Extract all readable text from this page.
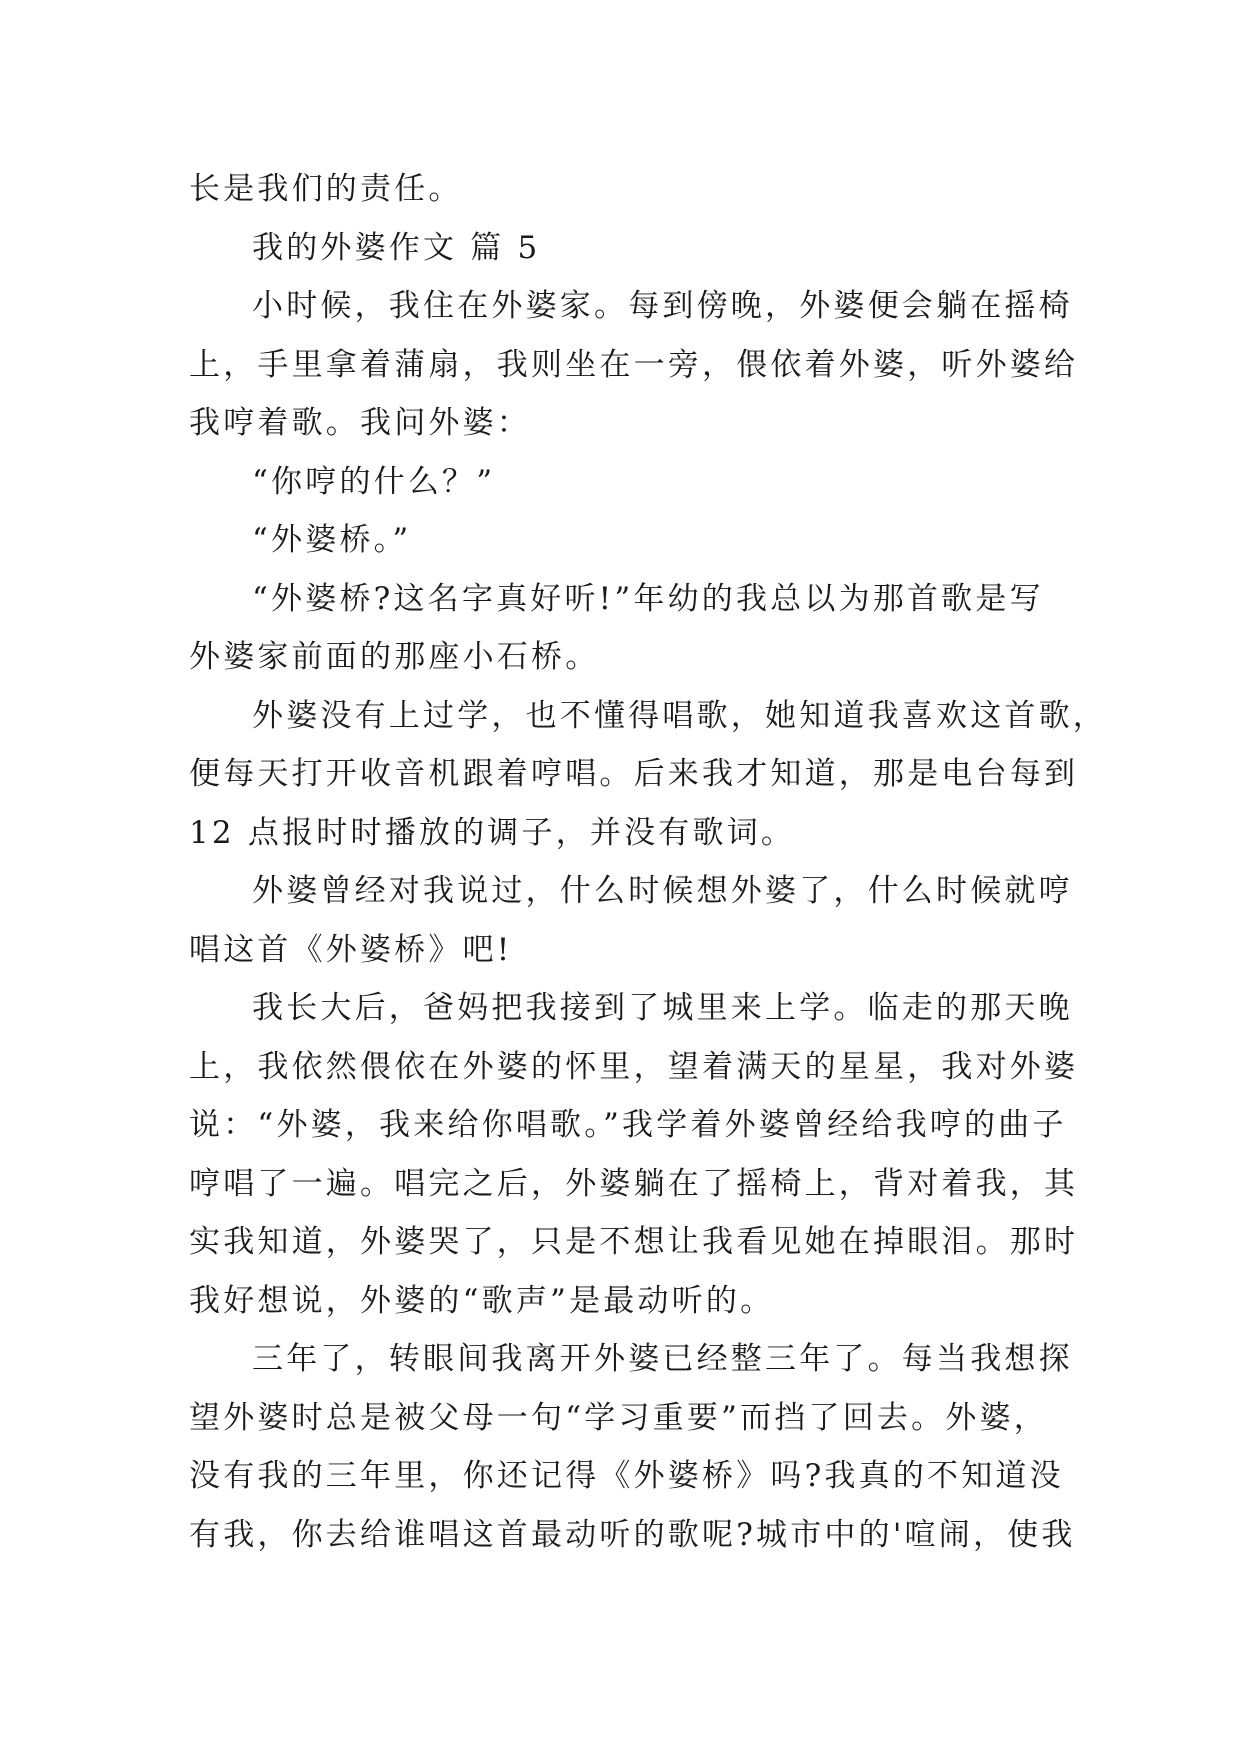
长是我们的责任。

我的外婆作文 篇 5

小时候，我住在外婆家。每到傍晚，外婆便会躺在摇椅

上，手里拿着蒲扇，我则坐在一旁，偎依着外婆，听外婆给

我哼着歌。我问外婆：

“你哼的什么？”

“外婆桥。”

“外婆桥?这名字真好听!”年幼的我总以为那首歌是写

外婆家前面的那座小石桥。

外婆没有上过学，也不懂得唱歌，她知道我喜欢这首歌，

便每天打开收音机跟着哼唱。后来我才知道，那是电台每到

12 点报时时播放的调子，并没有歌词。

外婆曾经对我说过，什么时候想外婆了，什么时候就哼

唱这首《外婆桥》吧!

我长大后，爸妈把我接到了城里来上学。临走的那天晚

上，我依然偎依在外婆的怀里，望着满天的星星，我对外婆

说：“外婆，我来给你唱歌。”我学着外婆曾经给我哼的曲子

哼唱了一遍。唱完之后，外婆躺在了摇椅上，背对着我，其

实我知道，外婆哭了，只是不想让我看见她在掉眼泪。那时

我好想说，外婆的“歌声”是最动听的。

三年了，转眼间我离开外婆已经整三年了。每当我想探

望外婆时总是被父母一句“学习重要”而挡了回去。外婆，

没有我的三年里，你还记得《外婆桥》吗?我真的不知道没

有我，你去给谁唱这首最动听的歌呢?城市中的'喧闹，使我
